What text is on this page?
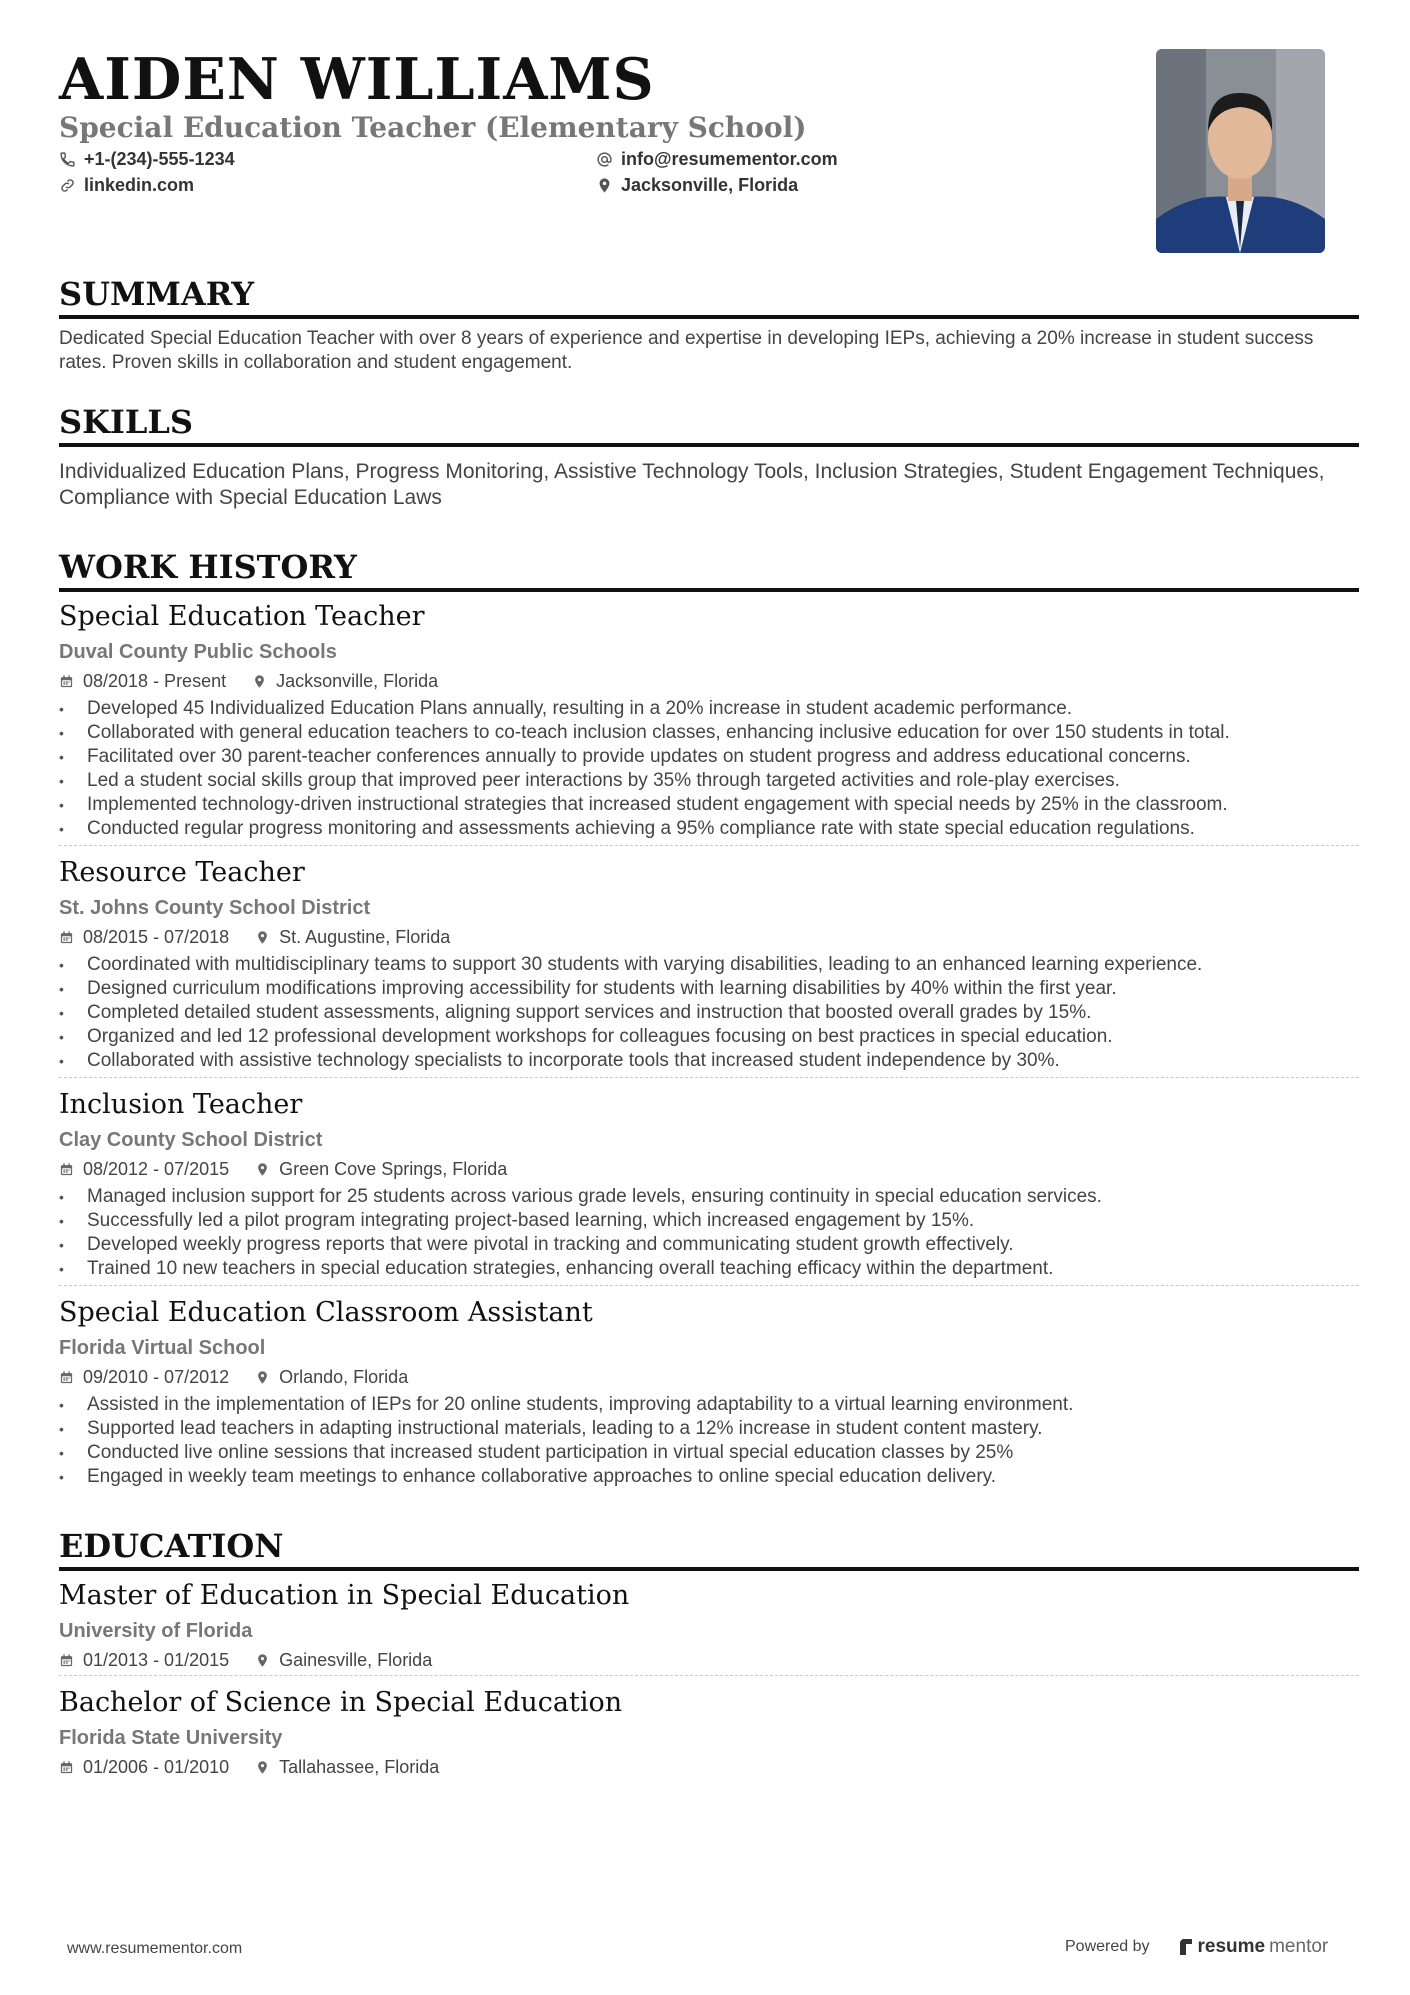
AIDEN WILLIAMS
Special Education Teacher (Elementary School)
+1-(234)-555-1234	info@resumementor.com
linkedin.com	Jacksonville, Florida
SUMMARY
Dedicated Special Education Teacher with over 8 years of experience and expertise in developing IEPs, achieving a 20% increase in student success rates. Proven skills in collaboration and student engagement.
SKILLS
Individualized Education Plans, Progress Monitoring, Assistive Technology Tools, Inclusion Strategies, Student Engagement Techniques, Compliance with Special Education Laws
WORK HISTORY
Special Education Teacher
Duval County Public Schools
08/2018 - Present	Jacksonville, Florida
• Developed 45 Individualized Education Plans annually, resulting in a 20% increase in student academic performance.
• Collaborated with general education teachers to co-teach inclusion classes, enhancing inclusive education for over 150 students in total.
• Facilitated over 30 parent-teacher conferences annually to provide updates on student progress and address educational concerns.
• Led a student social skills group that improved peer interactions by 35% through targeted activities and role-play exercises.
• Implemented technology-driven instructional strategies that increased student engagement with special needs by 25% in the classroom.
• Conducted regular progress monitoring and assessments achieving a 95% compliance rate with state special education regulations.
Resource Teacher
St. Johns County School District
08/2015 - 07/2018	St. Augustine, Florida
• Coordinated with multidisciplinary teams to support 30 students with varying disabilities, leading to an enhanced learning experience.
• Designed curriculum modifications improving accessibility for students with learning disabilities by 40% within the first year.
• Completed detailed student assessments, aligning support services and instruction that boosted overall grades by 15%.
• Organized and led 12 professional development workshops for colleagues focusing on best practices in special education.
• Collaborated with assistive technology specialists to incorporate tools that increased student independence by 30%.
Inclusion Teacher
Clay County School District
08/2012 - 07/2015	Green Cove Springs, Florida
• Managed inclusion support for 25 students across various grade levels, ensuring continuity in special education services.
• Successfully led a pilot program integrating project-based learning, which increased engagement by 15%.
• Developed weekly progress reports that were pivotal in tracking and communicating student growth effectively.
• Trained 10 new teachers in special education strategies, enhancing overall teaching efficacy within the department.
Special Education Classroom Assistant
Florida Virtual School
09/2010 - 07/2012	Orlando, Florida
• Assisted in the implementation of IEPs for 20 online students, improving adaptability to a virtual learning environment.
• Supported lead teachers in adapting instructional materials, leading to a 12% increase in student content mastery.
• Conducted live online sessions that increased student participation in virtual special education classes by 25%
• Engaged in weekly team meetings to enhance collaborative approaches to online special education delivery.
EDUCATION
Master of Education in Special Education
University of Florida
01/2013 - 01/2015	Gainesville, Florida
Bachelor of Science in Special Education
Florida State University
01/2006 - 01/2010	Tallahassee, Florida
www.resumementor.com	Powered by	resume mentor
